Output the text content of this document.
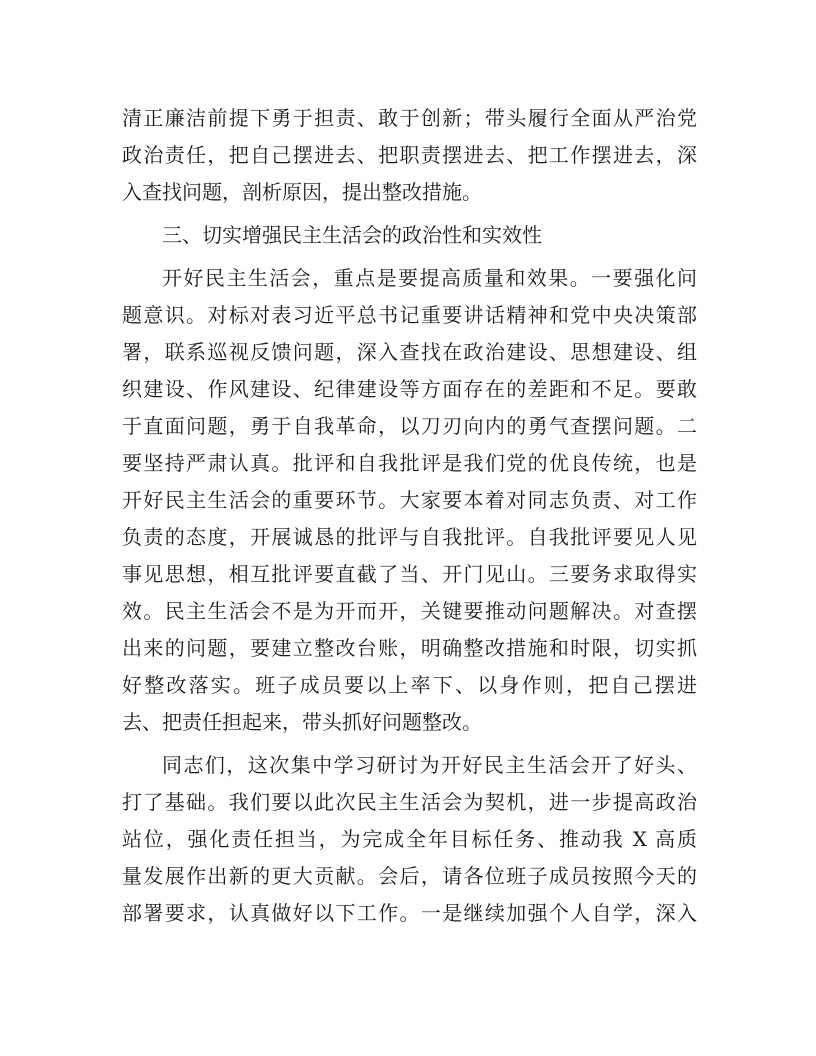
清正廉洁前提下勇于担责、敢于创新；带头履行全面从严治党
政治责任，把自己摆进去、把职责摆进去、把工作摆进去，深
入查找问题，剖析原因，提出整改措施。
三、切实增强民主生活会的政治性和实效性
开好民主生活会，重点是要提高质量和效果。一要强化问
题意识。对标对表习近平总书记重要讲话精神和党中央决策部
署，联系巡视反馈问题，深入查找在政治建设、思想建设、组
织建设、作风建设、纪律建设等方面存在的差距和不足。要敢
于直面问题，勇于自我革命，以刀刃向内的勇气查摆问题。二
要坚持严肃认真。批评和自我批评是我们党的优良传统，也是
开好民主生活会的重要环节。大家要本着对同志负责、对工作
负责的态度，开展诚恳的批评与自我批评。自我批评要见人见
事见思想，相互批评要直截了当、开门见山。三要务求取得实
效。民主生活会不是为开而开，关键要推动问题解决。对查摆
出来的问题，要建立整改台账，明确整改措施和时限，切实抓
好整改落实。班子成员要以上率下、以身作则，把自己摆进
去、把责任担起来，带头抓好问题整改。
同志们，这次集中学习研讨为开好民主生活会开了好头、
打了基础。我们要以此次民主生活会为契机，进一步提高政治
站位，强化责任担当，为完成全年目标任务、推动我 X 高质
量发展作出新的更大贡献。会后，请各位班子成员按照今天的
部署要求，认真做好以下工作。一是继续加强个人自学，深入
